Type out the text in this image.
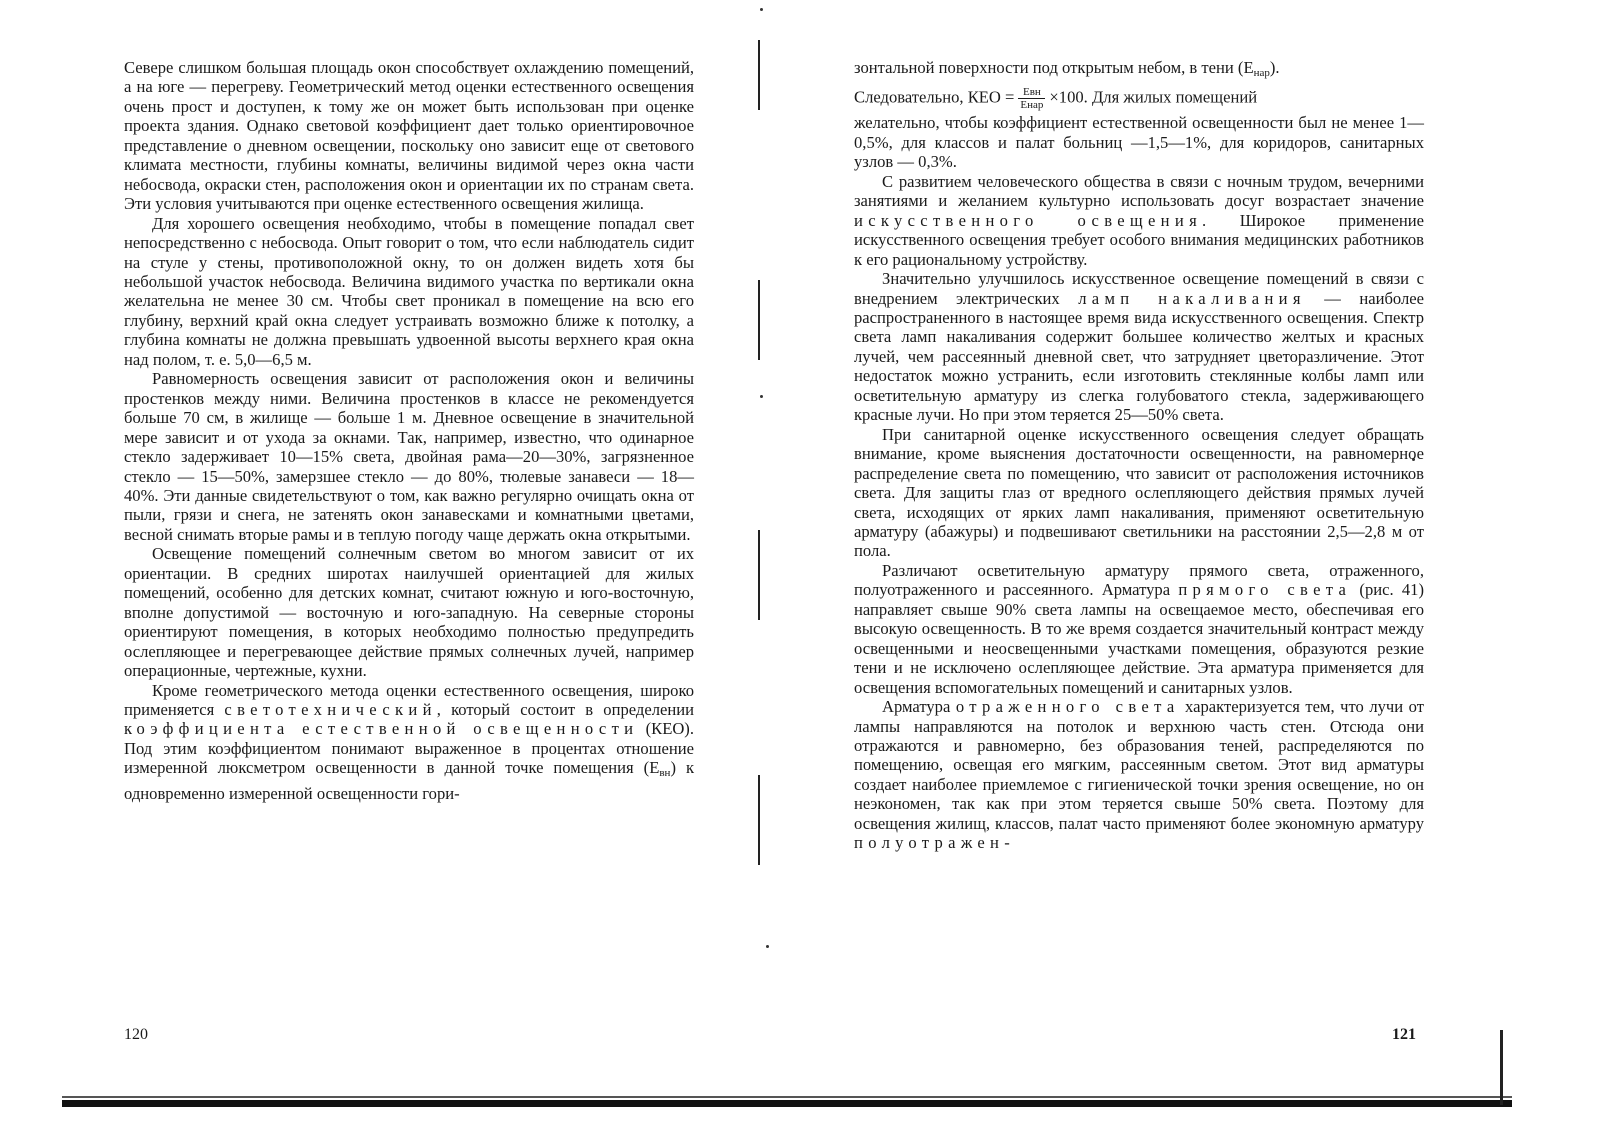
Севере слишком большая площадь окон способствует охлаждению помещений, а на юге — перегреву. Геометрический метод оценки естественного освещения очень прост и доступен, к тому же он может быть использован при оценке проекта здания. Однако световой коэффициент дает только ориентировочное представление о дневном освещении, поскольку оно зависит еще от светового климата местности, глубины комнаты, величины видимой через окна части небосвода, окраски стен, расположения окон и ориентации их по странам света. Эти условия учитываются при оценке естественного освещения жилища.

Для хорошего освещения необходимо, чтобы в помещение попадал свет непосредственно с небосвода. Опыт говорит о том, что если наблюдатель сидит на стуле у стены, противоположной окну, то он должен видеть хотя бы небольшой участок небосвода. Величина видимого участка по вертикали окна желательна не менее 30 см. Чтобы свет проникал в помещение на всю его глубину, верхний край окна следует устраивать возможно ближе к потолку, а глубина комнаты не должна превышать удвоенной высоты верхнего края окна над полом, т. е. 5,0—6,5 м.

Равномерность освещения зависит от расположения окон и величины простенков между ними. Величина простенков в классе не рекомендуется больше 70 см, в жилище — больше 1 м. Дневное освещение в значительной мере зависит и от ухода за окнами. Так, например, известно, что одинарное стекло задерживает 10—15% света, двойная рама—20—30%, загрязненное стекло — 15—50%, замерзшее стекло — до 80%, тюлевые занавеси — 18—40%. Эти данные свидетельствуют о том, как важно регулярно очищать окна от пыли, грязи и снега, не затенять окон занавесками и комнатными цветами, весной снимать вторые рамы и в теплую погоду чаще держать окна открытыми.

Освещение помещений солнечным светом во многом зависит от их ориентации. В средних широтах наилучшей ориентацией для жилых помещений, особенно для детских комнат, считают южную и юго-восточную, вполне допустимой — восточную и юго-западную. На северные стороны ориентируют помещения, в которых необходимо полностью предупредить ослепляющее и перегревающее действие прямых солнечных лучей, например операционные, чертежные, кухни.

Кроме геометрического метода оценки естественного освещения, широко применяется светотехнический, который состоит в определении коэффициента естественной освещенности (КЕО). Под этим коэффициентом понимают выраженное в процентах отношение измеренной люксметром освещенности в данной точке помещения $(Е_{вн})$ к одновременно измеренной освещенности гори-

120

зонтальной поверхности под открытым небом, в тени $(Е_{нар})$.
Следовательно, КЕО = $\frac{\text{Евн}}{\text{Енар}} \times 100$. Для жилых помещений
желательно, чтобы коэффициент естественной освещенности был не менее 1—0,5%, для классов и палат больниц —1,5—1%, для коридоров, санитарных узлов — 0,3%.

С развитием человеческого общества в связи с ночным трудом, вечерними занятиями и желанием культурно использовать досуг возрастает значение искусственного освещения. Широкое применение искусственного освещения требует особого внимания медицинских работников к его рациональному устройству.

Значительно улучшилось искусственное освещение помещений в связи с внедрением электрических ламп накаливания — наиболее распространенного в настоящее время вида искусственного освещения. Спектр света ламп накаливания содержит большее количество желтых и красных лучей, чем рассеянный дневной свет, что затрудняет цветоразличение. Этот недостаток можно устранить, если изготовить стеклянные колбы ламп или осветительную арматуру из слегка голубоватого стекла, задерживающего красные лучи. Но при этом теряется 25—50% света.

При санитарной оценке искусственного освещения следует обращать внимание, кроме выяснения достаточности освещенности, на равномерное распределение света по помещению, что зависит от расположения источников света. Для защиты глаз от вредного ослепляющего действия прямых лучей света, исходящих от ярких ламп накаливания, применяют осветительную арматуру (абажуры) и подвешивают светильники на расстоянии 2,5—2,8 м от пола.

Различают осветительную арматуру прямого света, отраженного, полуотраженного и рассеянного. Арматура прямого света (рис. 41) направляет свыше 90% света лампы на освещаемое место, обеспечивая его высокую освещенность. В то же время создается значительный контраст между освещенными и неосвещенными участками помещения, образуются резкие тени и не исключено ослепляющее действие. Эта арматура применяется для освещения вспомогательных помещений и санитарных узлов.

Арматура отраженного света характеризуется тем, что лучи от лампы направляются на потолок и верхнюю часть стен. Отсюда они отражаются и равномерно, без образования теней, распределяются по помещению, освещая его мягким, рассеянным светом. Этот вид арматуры создает наиболее приемлемое с гигиенической точки зрения освещение, но он неэкономен, так как при этом теряется свыше 50% света. Поэтому для освещения жилищ, классов, палат часто применяют более экономную арматуру полуотражен-

121
